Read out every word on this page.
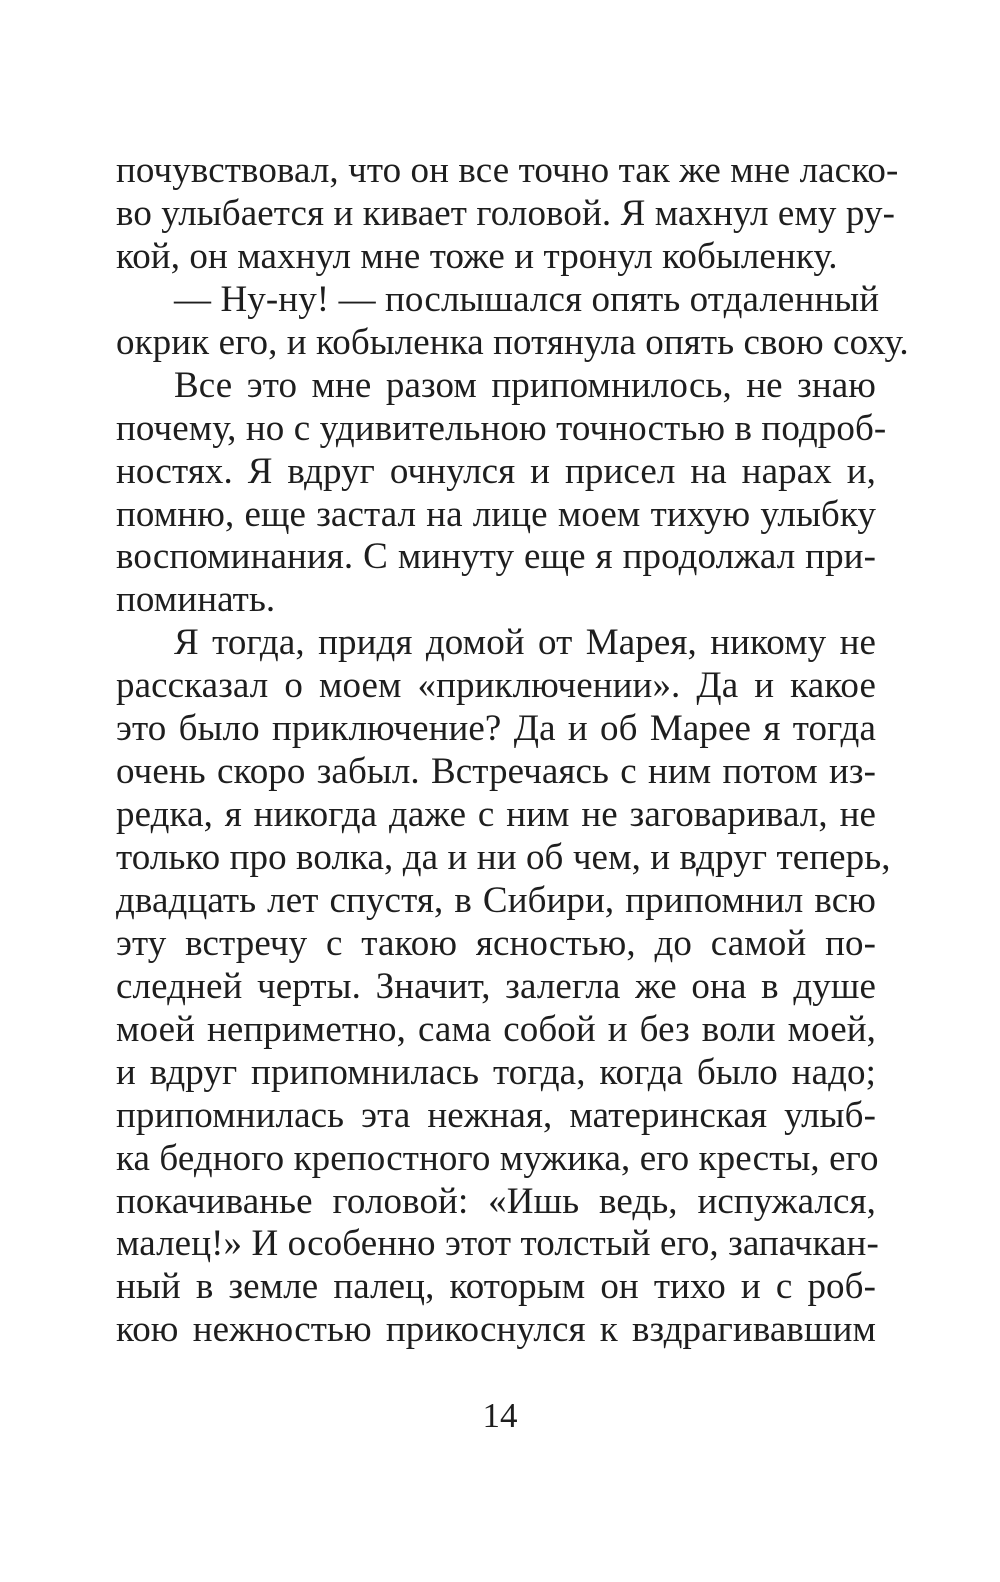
почувствовал, что он все точно так же мне ласко-
во улыбается и кивает головой. Я махнул ему ру-
кой, он махнул мне тоже и тронул кобыленку.
— Ну-ну! — послышался опять отдаленный
окрик его, и кобыленка потянула опять свою соху.
Все это мне разом припомнилось, не знаю
почему, но с удивительною точностью в подроб-
ностях. Я вдруг очнулся и присел на нарах и,
помню, еще застал на лице моем тихую улыбку
воспоминания. С минуту еще я продолжал при-
поминать.
Я тогда, придя домой от Марея, никому не
рассказал о моем «приключении». Да и какое
это было приключение? Да и об Марее я тогда
очень скоро забыл. Встречаясь с ним потом из-
редка, я никогда даже с ним не заговаривал, не
только про волка, да и ни об чем, и вдруг теперь,
двадцать лет спустя, в Сибири, припомнил всю
эту встречу с такою ясностью, до самой по-
следней черты. Значит, залегла же она в душе
моей неприметно, сама собой и без воли моей,
и вдруг припомнилась тогда, когда было надо;
припомнилась эта нежная, материнская улыб-
ка бедного крепостного мужика, его кресты, его
покачиванье головой: «Ишь ведь, испужался,
малец!» И особенно этот толстый его, запачкан-
ный в земле палец, которым он тихо и с роб-
кою нежностью прикоснулся к вздрагивавшим
14
